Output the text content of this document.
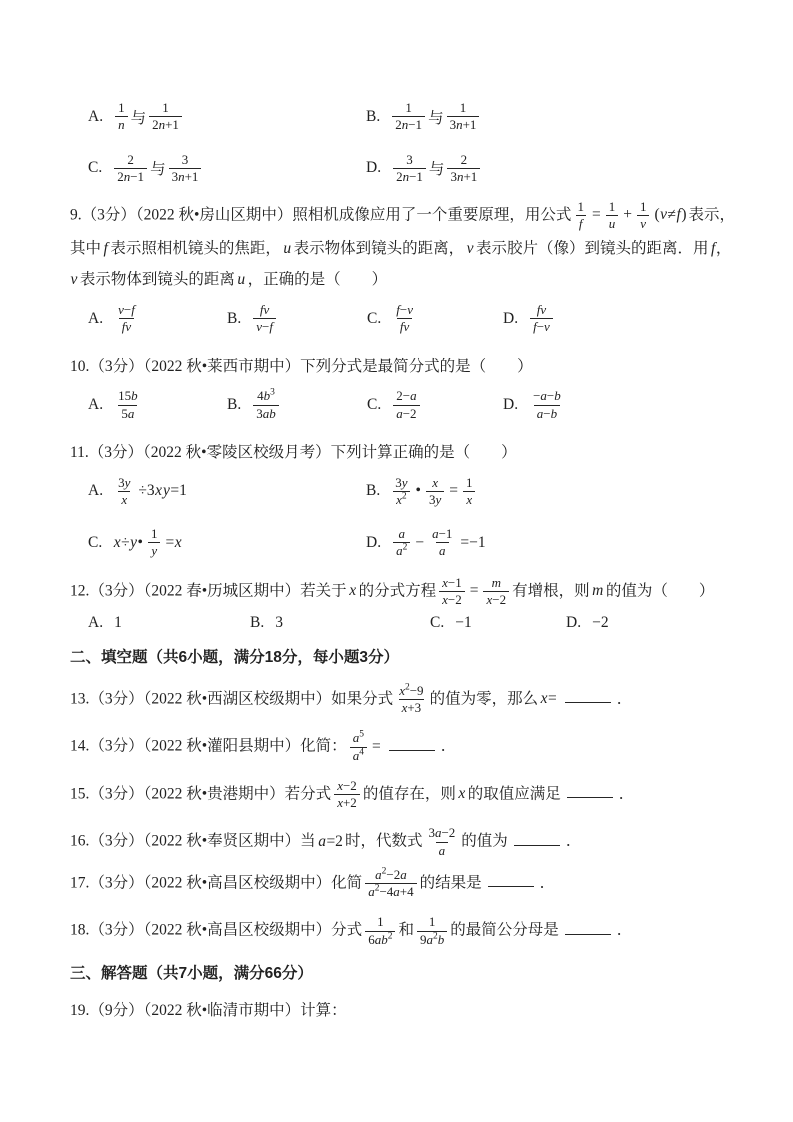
A. $\frac{1}{n}$ 与 $\frac{1}{2n+1}$	B. $\frac{1}{2n-1}$ 与 $\frac{1}{3n+1}$
C. $\frac{2}{2n-1}$ 与 $\frac{3}{3n+1}$	D. $\frac{3}{2n-1}$ 与 $\frac{2}{3n+1}$
9.（3分）（2022 秋•房山区期中）照相机成像应用了一个重要原理，用公式 $\frac{1}{f} = \frac{1}{u} + \frac{1}{v} (v\ne f)$ 表示，其中 f 表示照相机镜头的焦距， u 表示物体到镜头的距离， v 表示胶片（像）到镜头的距离．用 f，v 表示物体到镜头的距离 u ，正确的是（　　）
A. $\frac{v-f}{fv}$	B. $\frac{fv}{v-f}$	C. $\frac{f-v}{fv}$	D. $\frac{fv}{f-v}$
10.（3分）（2022 秋•莱西市期中）下列分式是最简分式的是（　　）
A. $\frac{15b}{5a}$	B. $\frac{4b^3}{3ab}$	C. $\frac{2-a}{a-2}$	D. $\frac{-a-b}{a-b}$
11.（3分）（2022 秋•零陵区校级月考）下列计算正确的是（　　）
A. $\frac{3y}{x} \div 3xy=1$	B. $\frac{3y}{x^2}$ • $\frac{x}{3y} = \frac{1}{x}$
C. x÷y• $\frac{1}{y} =x$	D. $\frac{a}{a^2} - \frac{a-1}{a} =-1$
12.（3分）（2022 春•历城区期中）若关于 x 的分式方程 $\frac{x-1}{x-2} = \frac{m}{x-2}$ 有增根，则 m 的值为（　　）
A. 1	B. 3	C. −1	D. −2
二、填空题（共6小题，满分18分，每小题3分）
13.（3分）（2022 秋•西湖区校级期中）如果分式 $\frac{x^2-9}{x+3}$ 的值为零，那么 x=	．
14.（3分）（2022 秋•灌阳县期中）化简： $\frac{a^5}{a^4}$ =	．
15.（3分）（2022 秋•贵港期中）若分式 $\frac{x-2}{x+2}$ 的值存在，则 x 的取值应满足	．
16.（3分）（2022 秋•奉贤区期中）当 a=2 时，代数式 $\frac{3a-2}{a}$ 的值为	．
17.（3分）（2022 秋•高昌区校级期中）化简 $\frac{a^2-2a}{a^2-4a+4}$ 的结果是	．
18.（3分）（2022 秋•高昌区校级期中）分式 $\frac{1}{6ab^2}$ 和 $\frac{1}{9a^2b}$ 的最简公分母是	．
三、解答题（共7小题，满分66分）
19.（9分）（2022 秋•临清市期中）计算：
